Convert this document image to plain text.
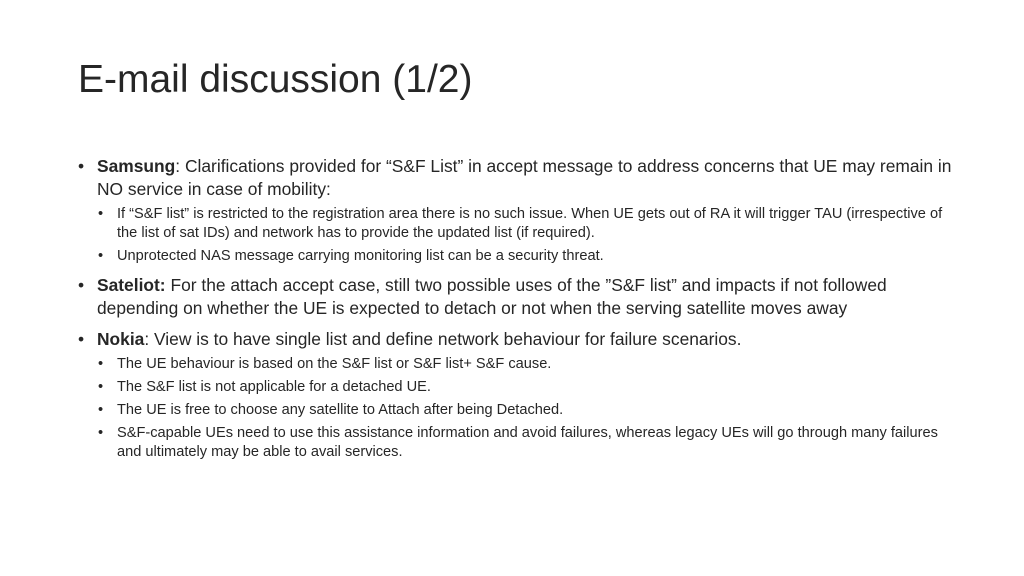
E-mail discussion (1/2)
• Samsung: Clarifications provided for “S&F List” in accept message to address concerns that UE may remain in NO service in case of mobility:
• If “S&F list” is restricted to the registration area there is no such issue. When UE gets out of RA it will trigger TAU (irrespective of the list of sat IDs) and network has to provide the updated list (if required).
• Unprotected NAS message carrying monitoring list can be a security threat.
• Sateliot: For the attach accept case, still two possible uses of the ”S&F list” and impacts if not followed depending on whether the UE is expected to detach or not when the serving satellite moves away
• Nokia: View is to have single list and define network behaviour for failure scenarios.
• The UE behaviour is based on the S&F list or S&F list+ S&F cause.
• The S&F list is not applicable for a detached UE.
• The UE is free to choose any satellite to Attach after being Detached.
• S&F-capable UEs need to use this assistance information and avoid failures, whereas legacy UEs will go through many failures and ultimately may be able to avail services.
